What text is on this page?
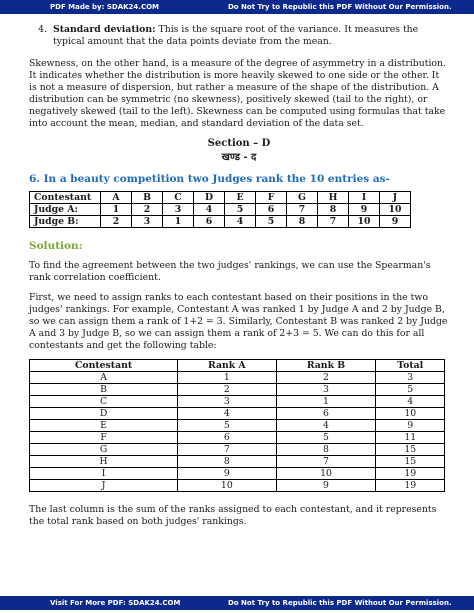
PDF Made by: SDAK24.COM	Do Not Try to Republic this PDF Without Our Permission.
4. Standard deviation: This is the square root of the variance. It measures the typical amount that the data points deviate from the mean.

Skewness, on the other hand, is a measure of the degree of asymmetry in a distribution. It indicates whether the distribution is more heavily skewed to one side or the other. It is not a measure of dispersion, but rather a measure of the shape of the distribution. A distribution can be symmetric (no skewness), positively skewed (tail to the right), or negatively skewed (tail to the left). Skewness can be computed using formulas that take into account the mean, median, and standard deviation of the data set.

Section – D

खण्ड - द

6. In a beauty competition two Judges rank the 10 entries as-

Contestant	A	B	C	D	E	F	G	H	I	J
Judge A:	1	2	3	4	5	6	7	8	9	10
Judge B:	2	3	1	6	4	5	8	7	10	9

Solution:

To find the agreement between the two judges' rankings, we can use the Spearman's rank correlation coefficient.

First, we need to assign ranks to each contestant based on their positions in the two judges' rankings. For example, Contestant A was ranked 1 by Judge A and 2 by Judge B, so we can assign them a rank of 1+2 = 3. Similarly, Contestant B was ranked 2 by Judge A and 3 by Judge B, so we can assign them a rank of 2+3 = 5. We can do this for all contestants and get the following table:

Contestant	Rank A	Rank B	Total
A	1	2	3
B	2	3	5
C	3	1	4
D	4	6	10
E	5	4	9
F	6	5	11
G	7	8	15
H	8	7	15
I	9	10	19
J	10	9	19

The last column is the sum of the ranks assigned to each contestant, and it represents the total rank based on both judges' rankings.

Visit For More PDF: SDAK24.COM	Do Not Try to Republic this PDF Without Our Permission.
